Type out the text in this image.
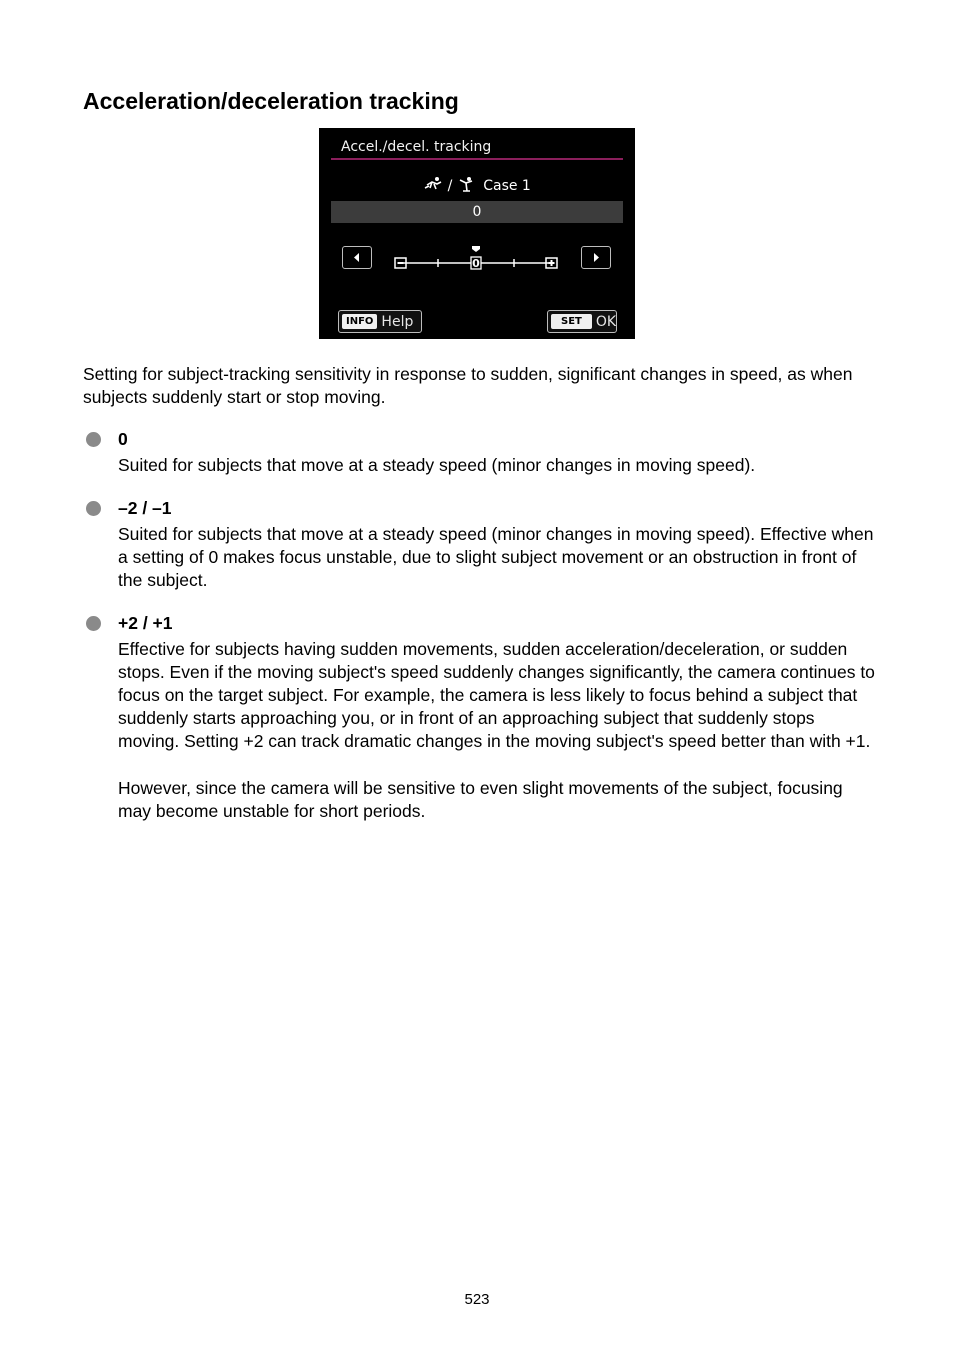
Acceleration/deceleration tracking
Accel./decel. tracking
/ Case 1
0
0
INFO Help	SET	OK

Setting for subject-tracking sensitivity in response to sudden, significant changes in speed, as when subjects suddenly start or stop moving.

0

Suited for subjects that move at a steady speed (minor changes in moving speed).

–2 / –1

Suited for subjects that move at a steady speed (minor changes in moving speed). Effective when a setting of 0 makes focus unstable, due to slight subject movement or an obstruction in front of the subject.

+2 / +1

Effective for subjects having sudden movements, sudden acceleration/deceleration, or sudden stops. Even if the moving subject's speed suddenly changes significantly, the camera continues to focus on the target subject. For example, the camera is less likely to focus behind a subject that suddenly starts approaching you, or in front of an approaching subject that suddenly stops moving. Setting +2 can track dramatic changes in the moving subject's speed better than with +1.

However, since the camera will be sensitive to even slight movements of the subject, focusing may become unstable for short periods.

523
